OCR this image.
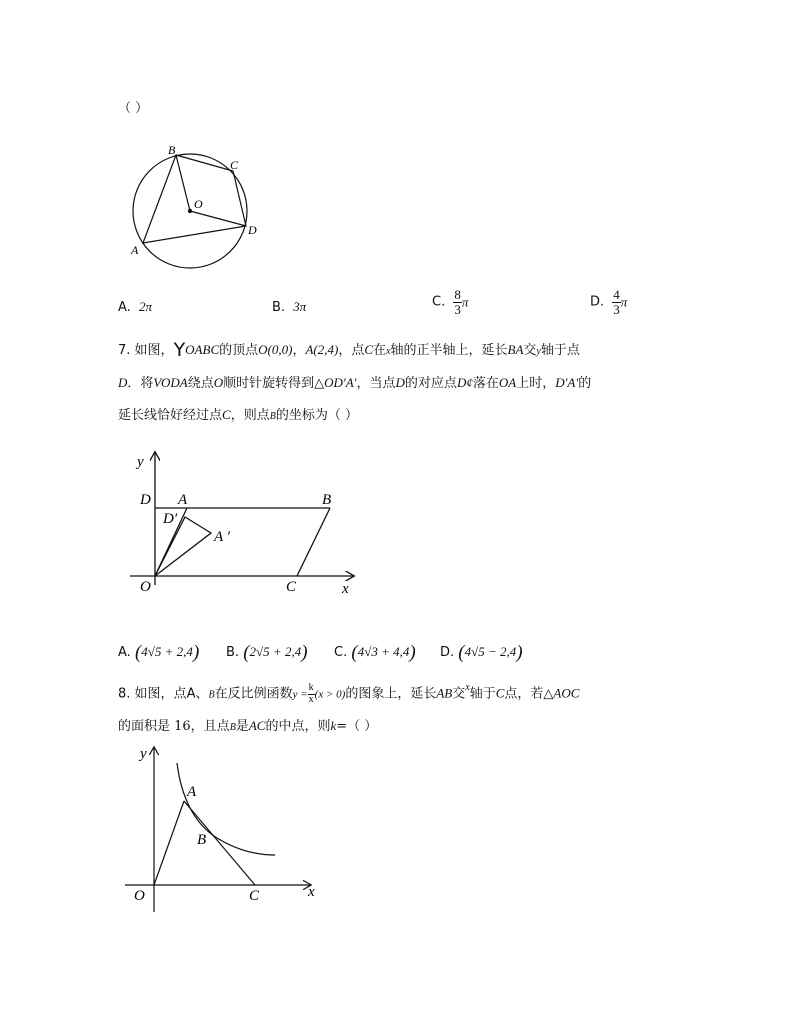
（ ）
B
C
O
D
A
A. 2π	B. 3π	C. $\frac{8}{3}$ π	D. $\frac{4}{3}$ π
7. 如图，YOABC的顶点O(0,0)，A(2,4)，点C在x轴的正半轴上，延长BA交y轴于点
D．将VODA绕点O顺时针旋转得到△OD′A′，当点D的对应点D¢落在OA上时，D′A′的
延长线恰好经过点C，则点B的坐标为（ ）
y
x
D A	B
D′
A ′
O	C
A. (4√5 + 2,4) B. (2√5 + 2,4) C. (4√3 + 4,4) D. (4√5 − 2,4)
8. 如图，点A、B在反比例函数$y = \frac{k}{x} (x > 0)$的图象上，延长AB交$^x$轴于C点，若△AOC
的面积是 16，且点B是AC的中点，则k=（ ）
y
x
A
B
O	C
